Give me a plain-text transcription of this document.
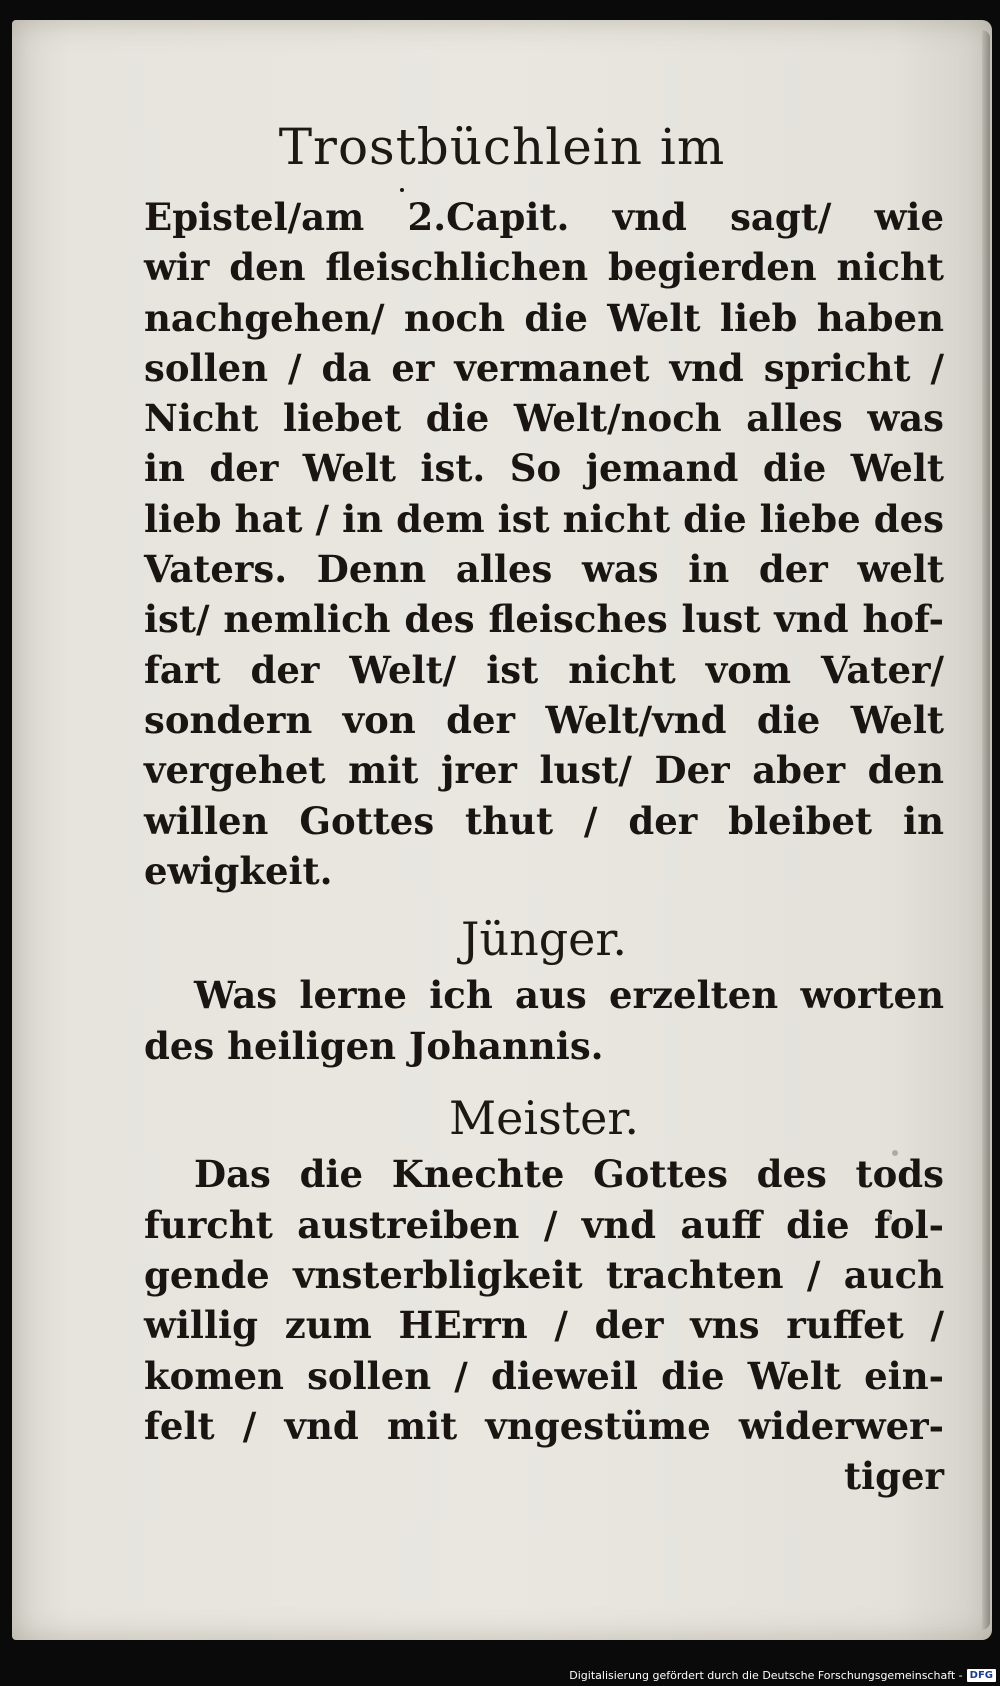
Trostbüchlein im
Epistel/am 2.Capit. vnd sagt/ wie
wir den fleischlichen begierden nicht
nachgehen/ noch die Welt lieb haben
sollen / da er vermanet vnd spricht /
Nicht liebet die Welt/noch alles was
in der Welt ist. So jemand die Welt
lieb hat / in dem ist nicht die liebe des
Vaters. Denn alles was in der welt
ist/ nemlich des fleisches lust vnd hof-
fart der Welt/ ist nicht vom Vater/
sondern von der Welt/vnd die Welt
vergehet mit jrer lust/ Der aber den
willen Gottes thut / der bleibet in
ewigkeit.
Jünger.
Was lerne ich aus erzelten worten
des heiligen Johannis.
Meister.
Das die Knechte Gottes des tods
furcht austreiben / vnd auff die fol-
gende vnsterbligkeit trachten / auch
willig zum HErrn / der vns ruffet /
komen sollen / dieweil die Welt ein-
felt / vnd mit vngestüme widerwer-
tiger
Digitalisierung gefördert durch die Deutsche Forschungsgemeinschaft - DFG
